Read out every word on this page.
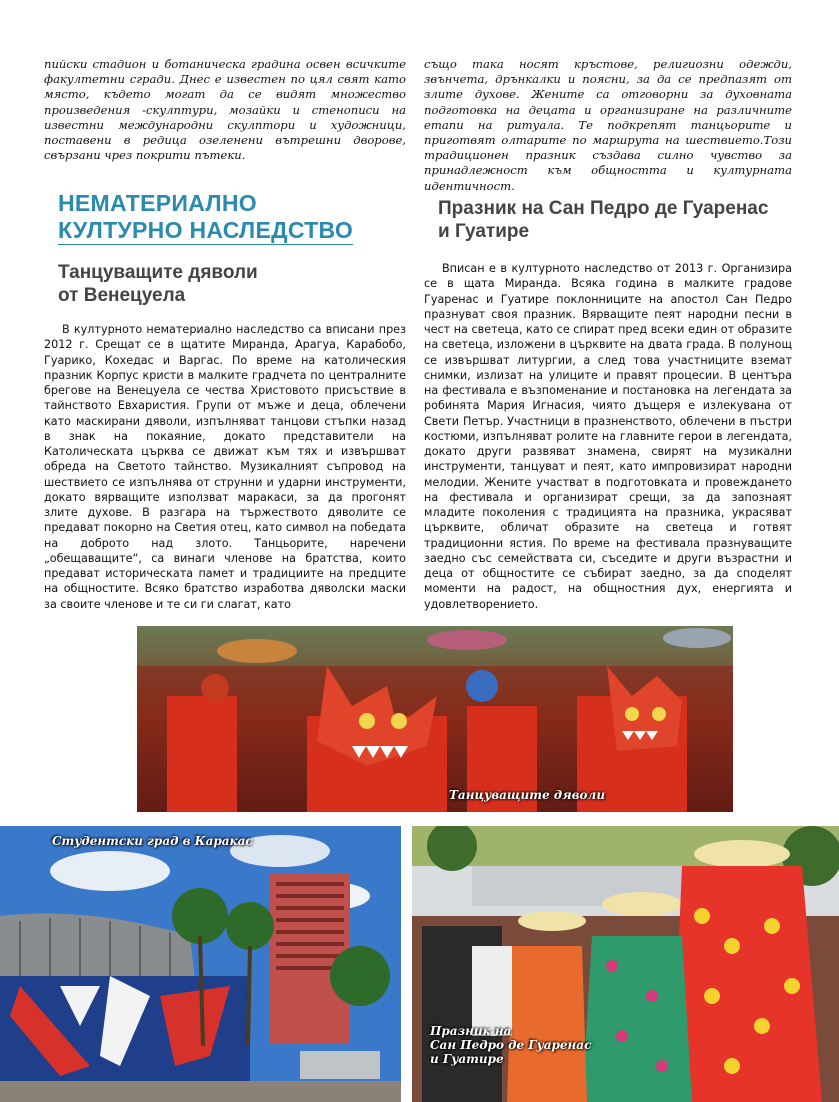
пийски стадион и ботаническа градина освен всичките факултетни сгради. Днес е известен по цял свят като място, където могат да се видят множество произведения -скулптури, мозайки и стенописи на известни международни скулптори и художници, поставени в редица озеленени вътрешни дворове, свързани чрез покрити пътеки.

също така носят кръстове, религиозни одежди, звънчета, дрънкалки и поясни, за да се предпазят от злите духове. Жените са отговорни за духовната подготовка на децата и организиране на различните етапи на ритуала. Те подкрепят танцьорите и приготвят олтарите по маршрута на шествието.Този традиционен празник създава силно чувство за принадлежност към общността и културната идентичност.

НЕМАТЕРИАЛНО
КУЛТУРНО НАСЛЕДСТВО
Танцуващите дяволи
от Венецуела

В културното нематериално наследство са вписани през 2012 г. Срещат се в щатите Миранда, Арагуа, Карабобо, Гуарико, Кохедас и Варгас. По време на католическия празник Корпус кристи в малките градчета по централните брегове на Венецуела се чества Христовото присъствие в тайнството Евхаристия. Групи от мъже и деца, облечени като маскирани дяволи, изпълняват танцови стъпки назад в знак на покаяние, докато представители на Католическата църква се движат към тях и извършват обреда на Светото тайнство. Музикалният съпровод на шествието се изпълнява от струнни и ударни инструменти, докато вярващите използват маракаси, за да прогонят злите духове. В разгара на тържеството дяволите се предават покорно на Светия отец, като символ на победата на доброто над злото. Танцьорите, наречени „обещаващите“, са винаги членове на братства, които предават историческата памет и традициите на предците на общностите. Всяко братство изработва дяволски маски за своите членове и те си ги слагат, като

Празник на Сан Педро де Гуаренас
и Гуатире

Вписан е в културното наследство от 2013 г. Организира се в щата Миранда. Всяка година в малките градове Гуаренас и Гуатире поклонниците на апостол Сан Педро празнуват своя празник. Вярващите пеят народни песни в чест на светеца, като се спират пред всеки един от образите на светеца, изложени в църквите на двата града. В полунощ се извършват литургии, а след това участниците вземат снимки, излизат на улиците и правят процесии. В центъра на фестивала е възпоменание и постановка на легендата за робинята Мария Игнасия, чиято дъщеря е излекувана от Свети Петър. Участници в празненството, облечени в пъстри костюми, изпълняват ролите на главните герои в легендата, докато други развяват знамена, свирят на музикални инструменти, танцуват и пеят, като импровизират народни мелодии. Жените участват в подготовката и провеждането на фестивала и организират срещи, за да запознаят младите поколения с традицията на празника, украсяват църквите, обличат образите на светеца и готвят традиционни ястия. По време на фестивала празнуващите заедно със семействата си, съседите и други възрастни и деца от общностите се събират заедно, за да споделят моменти на радост, на общностния дух, енергията и удовлетворението.

Танцуващите дяволи
Студентски град в Каракас
Празник на
Сан Педро де Гуаренас
и Гуатире
